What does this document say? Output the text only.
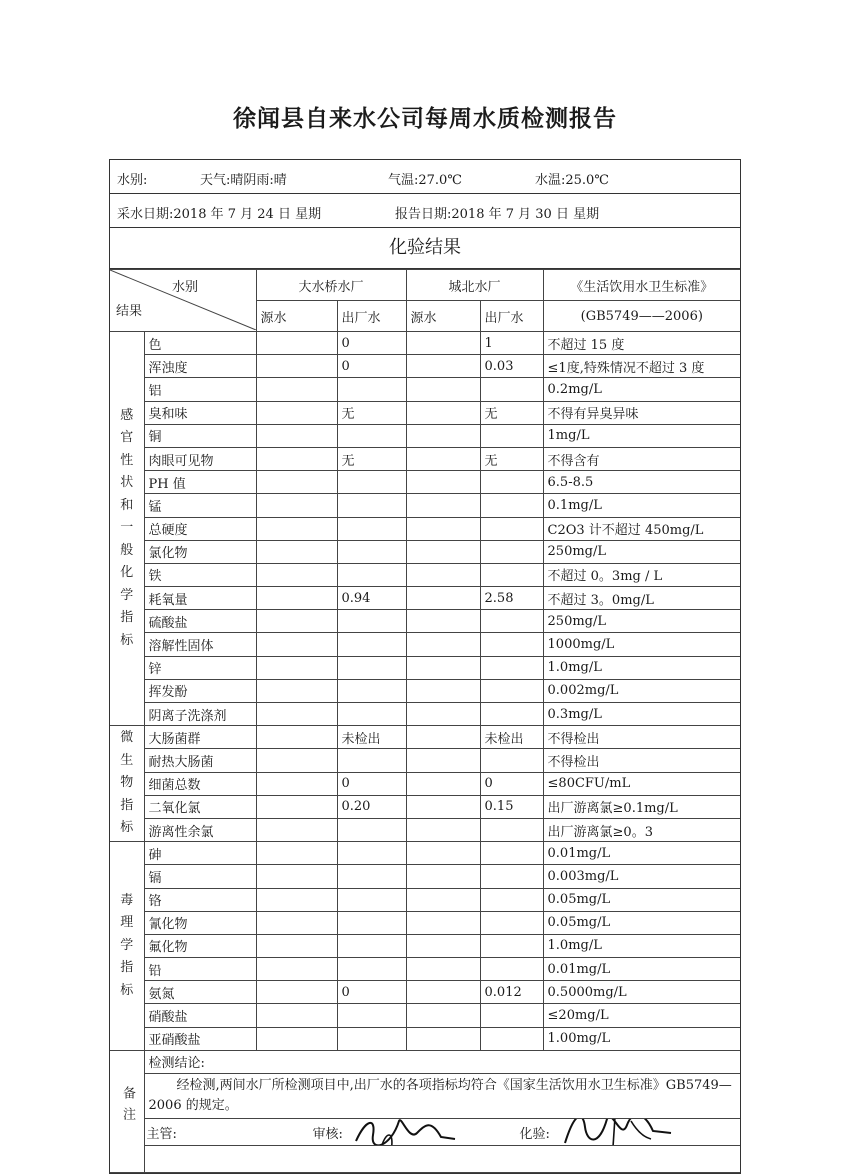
徐闻县自来水公司每周水质检测报告
水别:	天气:晴阴雨:晴	气温:27.0℃	水温:25.0℃
采水日期:2018 年 7 月 24 日 星期	报告日期:2018 年 7 月 30 日 星期
化验结果
水别
结果		大水桥水厂		城北水厂		《生活饮用水卫生标准》
		源水	出厂水	源水	出厂水	(GB5749——2006)
感官性状和一般化学指标	色		0		1	不超过 15 度
	浑浊度		0		0.03	≤1度,特殊情况不超过 3 度
	铝					0.2mg/L
	臭和味		无		无	不得有异臭异味
	铜					1mg/L
	肉眼可见物		无		无	不得含有
	PH 值					6.5-8.5
	锰					0.1mg/L
	总硬度					C2O3 计不超过 450mg/L
	氯化物					250mg/L
	铁					不超过 0。3mg / L
	耗氧量		0.94		2.58	不超过 3。0mg/L
	硫酸盐					250mg/L
	溶解性固体					1000mg/L
	锌					1.0mg/L
	挥发酚					0.002mg/L
	阴离子洗涤剂					0.3mg/L
微生物指标	大肠菌群		未检出		未检出	不得检出
	耐热大肠菌					不得检出
	细菌总数		0		0	≤80CFU/mL
	二氧化氯		0.20		0.15	出厂游离氯≥0.1mg/L
	游离性余氯					出厂游离氯≥0。3
毒理学指标	砷					0.01mg/L
	镉					0.003mg/L
	铬					0.05mg/L
	氰化物					0.05mg/L
	氟化物					1.0mg/L
	铅					0.01mg/L
	氨氮		0		0.012	0.5000mg/L
	硝酸盐					≤20mg/L
	亚硝酸盐					1.00mg/L
备注	检测结论:					
	经检测,两间水厂所检测项目中,出厂水的各项指标均符合《国家生活饮用水卫生标准》GB5749—2006 的规定。					

	主管: 审核: 化验:					
